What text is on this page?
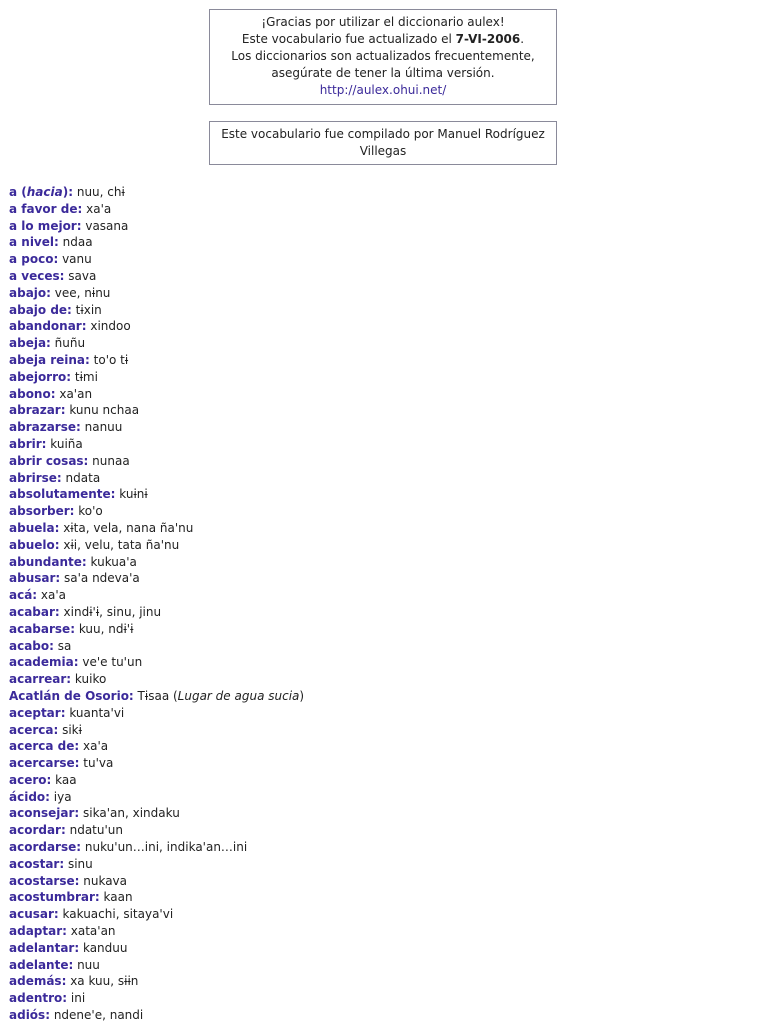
¡Gracias por utilizar el diccionario aulex!
Este vocabulario fue actualizado el 7-VI-2006.
Los diccionarios son actualizados frecuentemente,
asegúrate de tener la última versión.
http://aulex.ohui.net/
Este vocabulario fue compilado por Manuel Rodríguez
Villegas
a (hacia): nuu, chɨ
a favor de: xa'a
a lo mejor: vasana
a nivel: ndaa
a poco: vanu
a veces: sava
abajo: vee, nɨnu
abajo de: tɨxin
abandonar: xindoo
abeja: ñuñu
abeja reina: to'o tɨ
abejorro: tɨmi
abono: xa'an
abrazar: kunu nchaa
abrazarse: nanuu
abrir: kuiña
abrir cosas: nunaa
abrirse: ndata
absolutamente: kuɨnɨ
absorber: ko'o
abuela: xɨta, vela, nana ña'nu
abuelo: xɨi, velu, tata ña'nu
abundante: kukua'a
abusar: sa'a ndeva'a
acá: xa'a
acabar: xindɨ'ɨ, sinu, jinu
acabarse: kuu, ndɨ'ɨ
acabo: sa
academia: ve'e tu'un
acarrear: kuiko
Acatlán de Osorio: Tɨsaa (Lugar de agua sucia)
aceptar: kuanta'vi
acerca: sikɨ
acerca de: xa'a
acercarse: tu'va
acero: kaa
ácido: iya
aconsejar: sika'an, xindaku
acordar: ndatu'un
acordarse: nuku'un…ini, indika'an…ini
acostar: sinu
acostarse: nukava
acostumbrar: kaan
acusar: kakuachi, sitaya'vi
adaptar: xata'an
adelantar: kanduu
adelante: nuu
además: xa kuu, sɨɨn
adentro: ini
adiós: ndene'e, nandi
